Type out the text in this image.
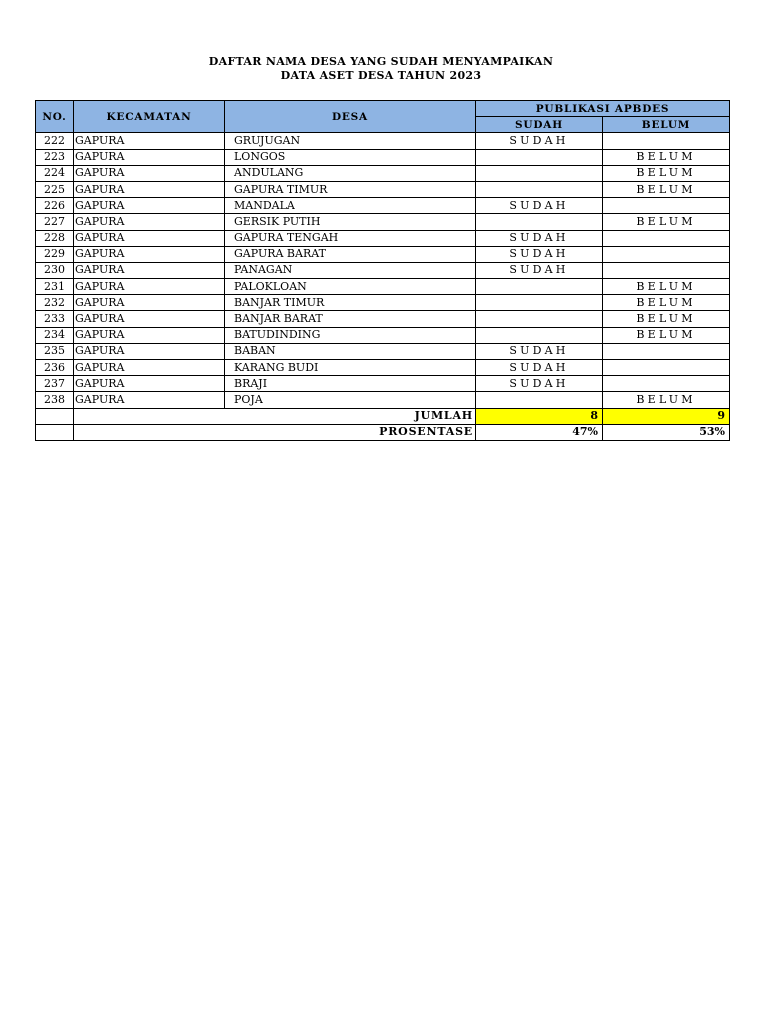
DAFTAR NAMA DESA YANG SUDAH MENYAMPAIKAN
DATA ASET DESA TAHUN 2023
NO.	KECAMATAN	DESA	PUBLIKASI APBDES	
			SUDAH	BELUM
222	GAPURA	GRUJUGAN	SUDAH	
223	GAPURA	LONGOS		BELUM
224	GAPURA	ANDULANG		BELUM
225	GAPURA	GAPURA TIMUR		BELUM
226	GAPURA	MANDALA	SUDAH	
227	GAPURA	GERSIK PUTIH		BELUM
228	GAPURA	GAPURA TENGAH	SUDAH	
229	GAPURA	GAPURA BARAT	SUDAH	
230	GAPURA	PANAGAN	SUDAH	
231	GAPURA	PALOKLOAN		BELUM
232	GAPURA	BANJAR TIMUR		BELUM
233	GAPURA	BANJAR BARAT		BELUM
234	GAPURA	BATUDINDING		BELUM
235	GAPURA	BABAN	SUDAH	
236	GAPURA	KARANG BUDI	SUDAH	
237	GAPURA	BRAJI	SUDAH	
238	GAPURA	POJA		BELUM
	JUMLAH		8	9
	PROSENTASE		47%	53%
